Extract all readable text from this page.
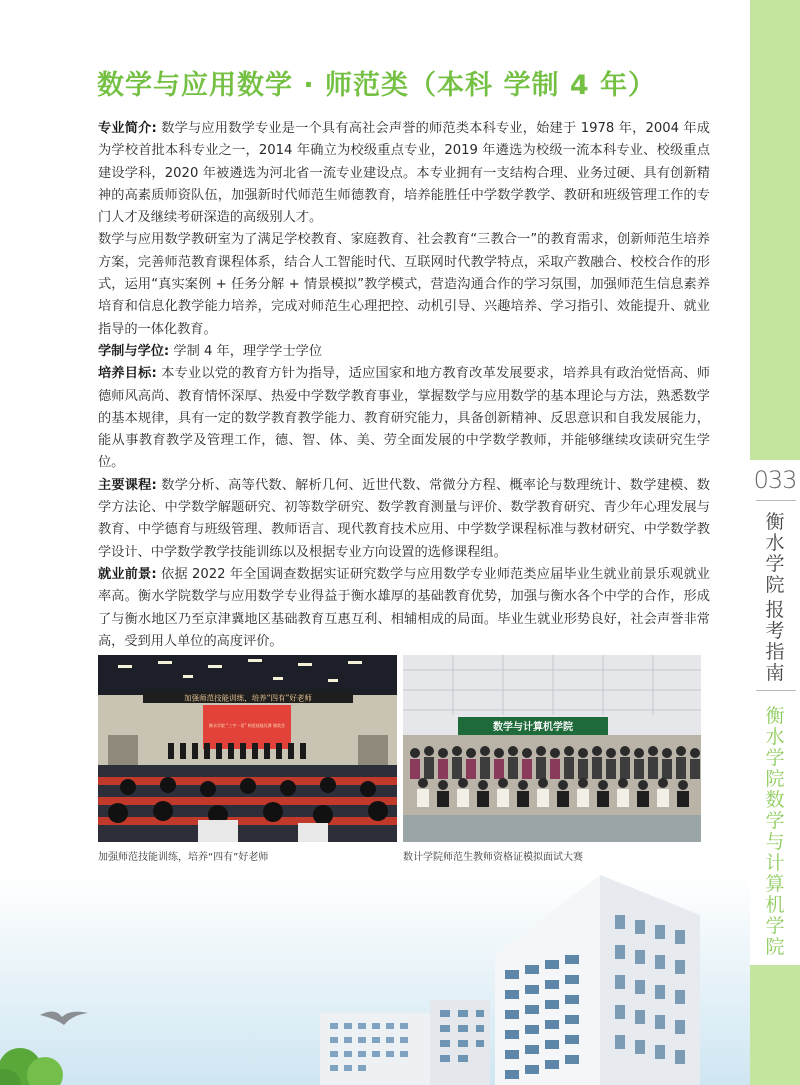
033
衡
水
学
院
报
考
指
南
衡
水
学
院
数
学
与
计
算
机
学
院
数学与应用数学 · 师范类（本科 学制 4 年）

专业简介: 数学与应用数学专业是一个具有高社会声誉的师范类本科专业，始建于 1978 年，2004 年成为学校首批本科专业之一，2014 年确立为校级重点专业，2019 年遴选为校级一流本科专业、校级重点建设学科，2020 年被遴选为河北省一流专业建设点。本专业拥有一支结构合理、业务过硬、具有创新精神的高素质师资队伍，加强新时代师范生师德教育，培养能胜任中学数学教学、教研和班级管理工作的专门人才及继续考研深造的高级别人才。

数学与应用数学教研室为了满足学校教育、家庭教育、社会教育“三教合一”的教育需求，创新师范生培养方案，完善师范教育课程体系，结合人工智能时代、互联网时代教学特点，采取产教融合、校校合作的形式，运用“真实案例 + 任务分解 + 情景模拟”教学模式，营造沟通合作的学习氛围，加强师范生信息素养培育和信息化教学能力培养，完成对师范生心理把控、动机引导、兴趣培养、学习指引、效能提升、就业指导的一体化教育。

学制与学位: 学制 4 年，理学学士学位

培养目标: 本专业以党的教育方针为指导，适应国家和地方教育改革发展要求，培养具有政治觉悟高、师德师风高尚、教育情怀深厚、热爱中学数学教育事业，掌握数学与应用数学的基本理论与方法，熟悉数学的基本规律，具有一定的数学教育教学能力、教育研究能力，具备创新精神、反思意识和自我发展能力，能从事教育教学及管理工作，德、智、体、美、劳全面发展的中学数学教师，并能够继续攻读研究生学位。

主要课程: 数学分析、高等代数、解析几何、近世代数、常微分方程、概率论与数理统计、数学建模、数学方法论、中学数学解题研究、初等数学研究、数学教育测量与评价、数学教育研究、青少年心理发展与教育、中学德育与班级管理、教师语言、现代教育技术应用、中学数学课程标准与教材研究、中学数学教学设计、中学数学教学技能训练以及根据专业方向设置的选修课程组。

就业前景: 依据 2022 年全国调查数据实证研究数学与应用数学专业师范类应届毕业生就业前景乐观就业率高。衡水学院数学与应用数学专业得益于衡水雄厚的基础教育优势，加强与衡水各个中学的合作，形成了与衡水地区乃至京津冀地区基础教育互惠互利、相辅相成的局面。毕业生就业形势良好，社会声誉非常高，受到用人单位的高度评价。

加强师范技能训练，培养“四有”好老师
衡水学院 “三字一话” 师范技能比赛 颁奖会
加强师范技能训练，培养“四有”好老师
数学与计算机学院
数计学院师范生教师资格证模拟面试大赛
